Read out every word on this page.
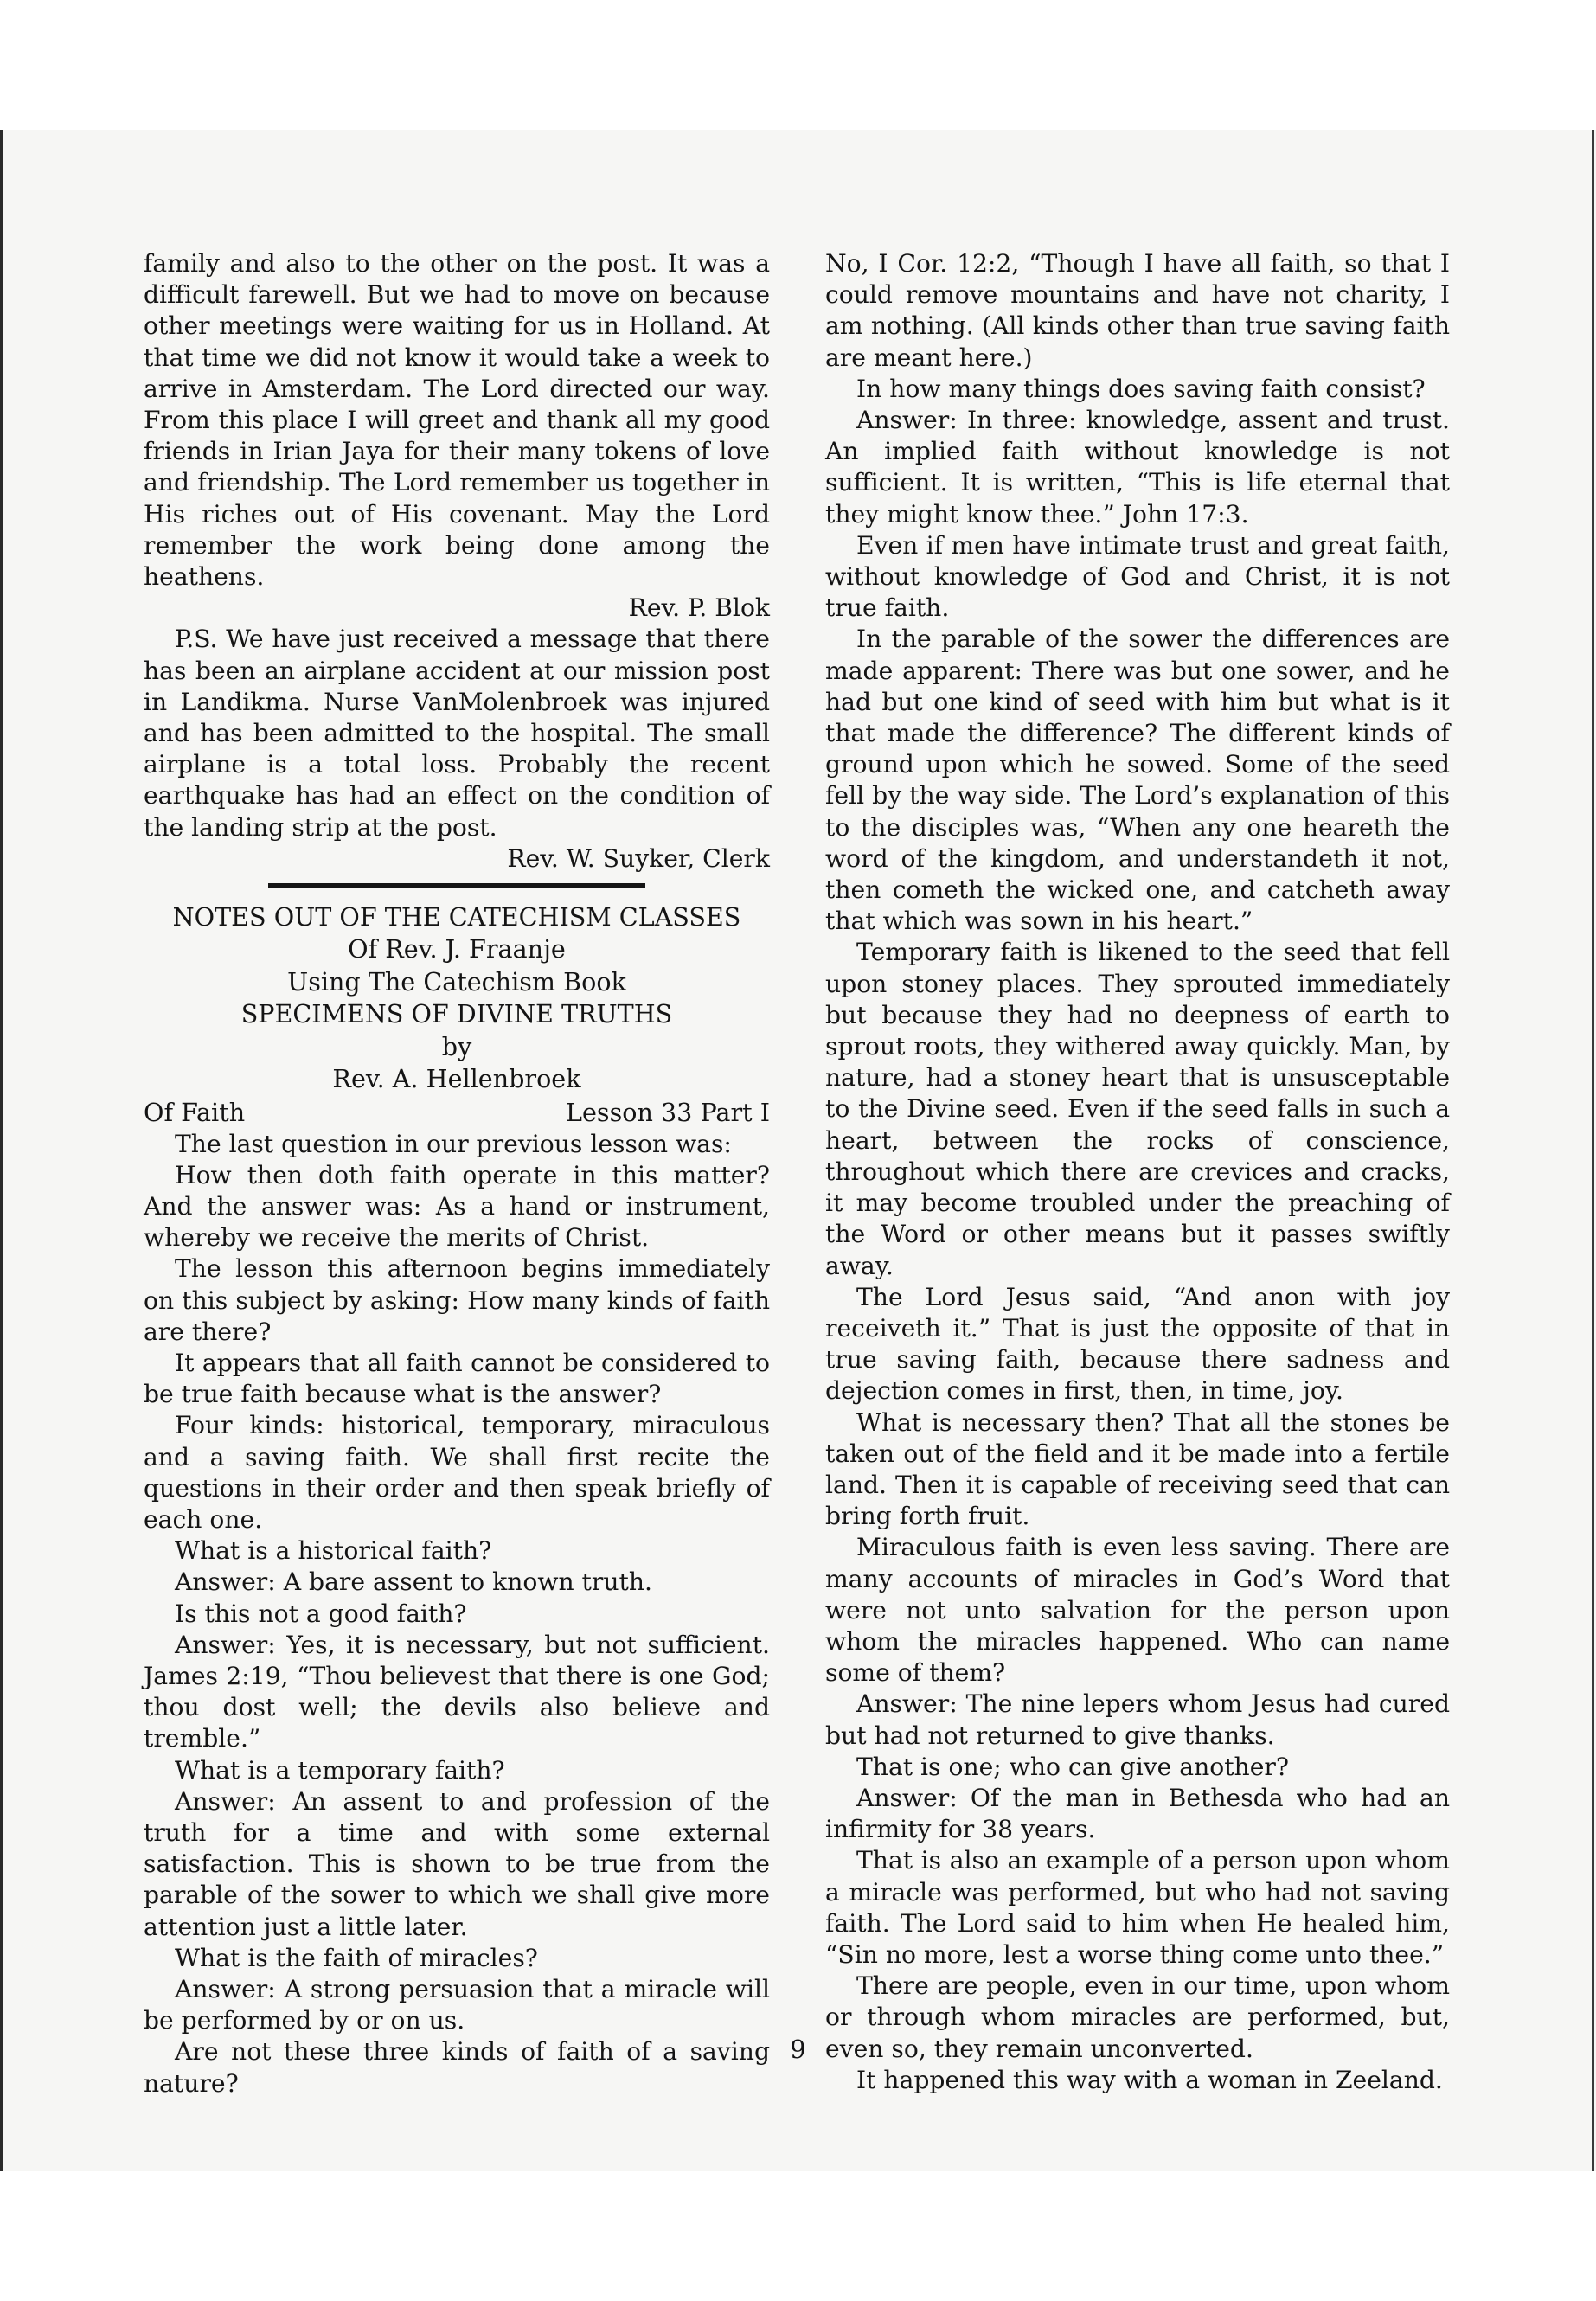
family and also to the other on the post. It was a difficult farewell. But we had to move on because other meetings were waiting for us in Holland. At that time we did not know it would take a week to arrive in Amsterdam. The Lord directed our way. From this place I will greet and thank all my good friends in Irian Jaya for their many tokens of love and friendship. The Lord remember us together in His riches out of His covenant. May the Lord remember the work being done among the heathens.

Rev. P. Blok

P.S. We have just received a message that there has been an airplane accident at our mission post in Landikma. Nurse VanMolenbroek was injured and has been admitted to the hospital. The small airplane is a total loss. Probably the recent earthquake has had an effect on the condition of the landing strip at the post.

Rev. W. Suyker, Clerk

NOTES OUT OF THE CATECHISM CLASSES

Of Rev. J. Fraanje

Using The Catechism Book

SPECIMENS OF DIVINE TRUTHS

by

Rev. A. Hellenbroek

Of Faith	Lesson 33 Part I

The last question in our previous lesson was:

How then doth faith operate in this matter? And the answer was: As a hand or instrument, whereby we receive the merits of Christ.

The lesson this afternoon begins immediately on this subject by asking: How many kinds of faith are there?

It appears that all faith cannot be considered to be true faith because what is the answer?

Four kinds: historical, temporary, miraculous and a saving faith. We shall first recite the questions in their order and then speak briefly of each one.

What is a historical faith?

Answer: A bare assent to known truth.

Is this not a good faith?

Answer: Yes, it is necessary, but not sufficient. James 2:19, “Thou believest that there is one God; thou dost well; the devils also believe and tremble.”

What is a temporary faith?

Answer: An assent to and profession of the truth for a time and with some external satisfaction. This is shown to be true from the parable of the sower to which we shall give more attention just a little later.

What is the faith of miracles?

Answer: A strong persuasion that a miracle will be performed by or on us.

Are not these three kinds of faith of a saving nature?

No, I Cor. 12:2, “Though I have all faith, so that I could remove mountains and have not charity, I am nothing. (All kinds other than true saving faith are meant here.)

In how many things does saving faith consist?

Answer: In three: knowledge, assent and trust. An implied faith without knowledge is not sufficient. It is written, “This is life eternal that they might know thee.” John 17:3.

Even if men have intimate trust and great faith, without knowledge of God and Christ, it is not true faith.

In the parable of the sower the differences are made apparent: There was but one sower, and he had but one kind of seed with him but what is it that made the difference? The different kinds of ground upon which he sowed. Some of the seed fell by the way side. The Lord’s explanation of this to the disciples was, “When any one heareth the word of the kingdom, and understandeth it not, then cometh the wicked one, and catcheth away that which was sown in his heart.”

Temporary faith is likened to the seed that fell upon stoney places. They sprouted immediately but because they had no deepness of earth to sprout roots, they withered away quickly. Man, by nature, had a stoney heart that is unsusceptable to the Divine seed. Even if the seed falls in such a heart, between the rocks of conscience, throughout which there are crevices and cracks, it may become troubled under the preaching of the Word or other means but it passes swiftly away.

The Lord Jesus said, “And anon with joy receiveth it.” That is just the opposite of that in true saving faith, because there sadness and dejection comes in first, then, in time, joy.

What is necessary then? That all the stones be taken out of the field and it be made into a fertile land. Then it is capable of receiving seed that can bring forth fruit.

Miraculous faith is even less saving. There are many accounts of miracles in God’s Word that were not unto salvation for the person upon whom the miracles happened. Who can name some of them?

Answer: The nine lepers whom Jesus had cured but had not returned to give thanks.

That is one; who can give another?

Answer: Of the man in Bethesda who had an infirmity for 38 years.

That is also an example of a person upon whom a miracle was performed, but who had not saving faith. The Lord said to him when He healed him, “Sin no more, lest a worse thing come unto thee.”

There are people, even in our time, upon whom or through whom miracles are performed, but, even so, they remain unconverted.

It happened this way with a woman in Zeeland.

9
